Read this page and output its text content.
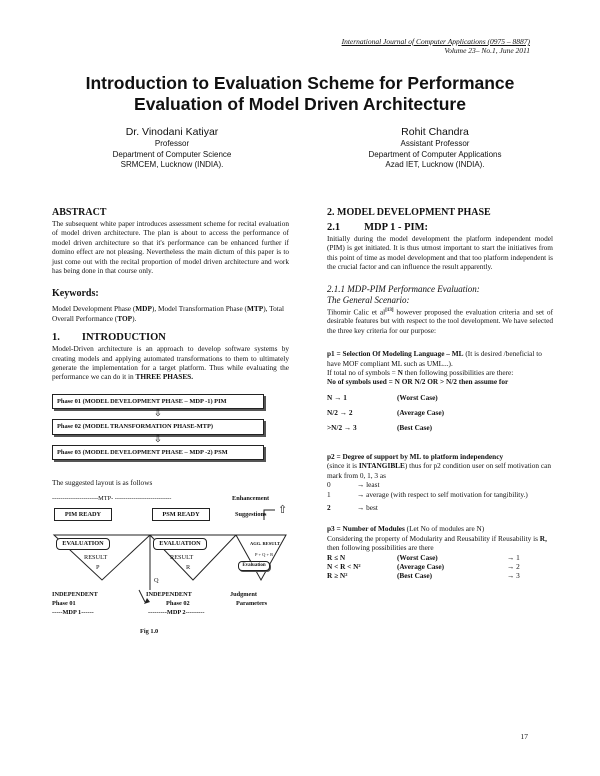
International Journal of Computer Applications (0975 – 8887)
Volume 23– No.1, June 2011
Introduction to Evaluation Scheme for Performance
Evaluation of Model Driven Architecture
Dr. Vinodani Katiyar
Professor
Department of Computer Science
SRMCEM, Lucknow (INDIA).
Rohit Chandra
Assistant Professor
Department of Computer Applications
Azad IET, Lucknow (INDIA).
ABSTRACT
The subsequent white paper introduces assessment scheme for recital evaluation of model driven architecture. The plan is about to access the performance of model driven architecture so that it's performance can be enhanced further if domino effect are not pleasing. Nevertheless the main dictum of this paper is to just come out with the recital proportion of model driven architecture and work has being done in that course only.
Keywords:
Model Development Phase (MDP), Model Transformation Phase (MTP), Total Overall Performance (TOP).
1. INTRODUCTION
Model-Driven architecture is an approach to develop software systems by creating models and applying automated transformations to them to ultimately generate the implementation for a target platform. Thus while evaluating the performance we can do it in THREE PHASES.
Phase 01 (MODEL DEVELOPMENT PHASE – MDP -1) PIM
⇩
Phase 02 (MODEL TRANSFORMATION PHASE-MTP)
⇩
Phase 03 (MODEL DEVELOPMENT PHASE – MDP -2) PSM
The suggested layout is as follows
----------------------MTP- ---------------------------	Enhancement
PIM READY	PSM READY	Suggestions ⇧
EVALUATION	EVALUATION	AGG. RESULT
P + Q + R
Evaluation
RESULT	RESULT
P	R
Q
INDEPENDENT	INDEPENDENT	Judgment
Phase 01	Phase 02	Parameters
-----MDP 1------	---------MDP 2---------
Fig 1.0
2. MODEL DEVELOPMENT PHASE
2.1 MDP 1 - PIM:
Initially during the model development the platform independent model (PIM) is get initiated. It is thus utmost important to start the initiatives from this point of time as model development and that too platform independent is the crucial factor and can influence the result apparently.
2.1.1 MDP-PIM Performance Evaluation:
The General Scenario:
Tihomir Calic et al[13] however proposed the evaluation criteria and set of desirable features but with respect to the tool development. We have selected the three key criteria for our purpose:
p1 = Selection Of Modeling Language – ML (It is desired /beneficial to have MOF compliant ML such as UML...).
If total no of symbols = N then following possibilities are there:
No of symbols used = N OR N/2 OR > N/2 then assume for
N → 1	(Worst Case)
N/2 → 2	(Average Case)
>N/2 → 3	(Best Case)
p2 = Degree of support by ML to platform independency
(since it is INTANGIBLE) thus for p2 condition user on self motivation can mark from 0, 1, 3 as
0	→ least
1	→ average (with respect to self motivation for tangibility.)
2	→ best
p3 = Number of Modules (Let No of modules are N)
Considering the property of Modularity and Reusability if Reusability is R, then following possibilities are there
R ≤ N	(Worst Case)	→ 1
N < R < N²	(Average Case)	→ 2
R ≥ N²	(Best Case)	→ 3
17
